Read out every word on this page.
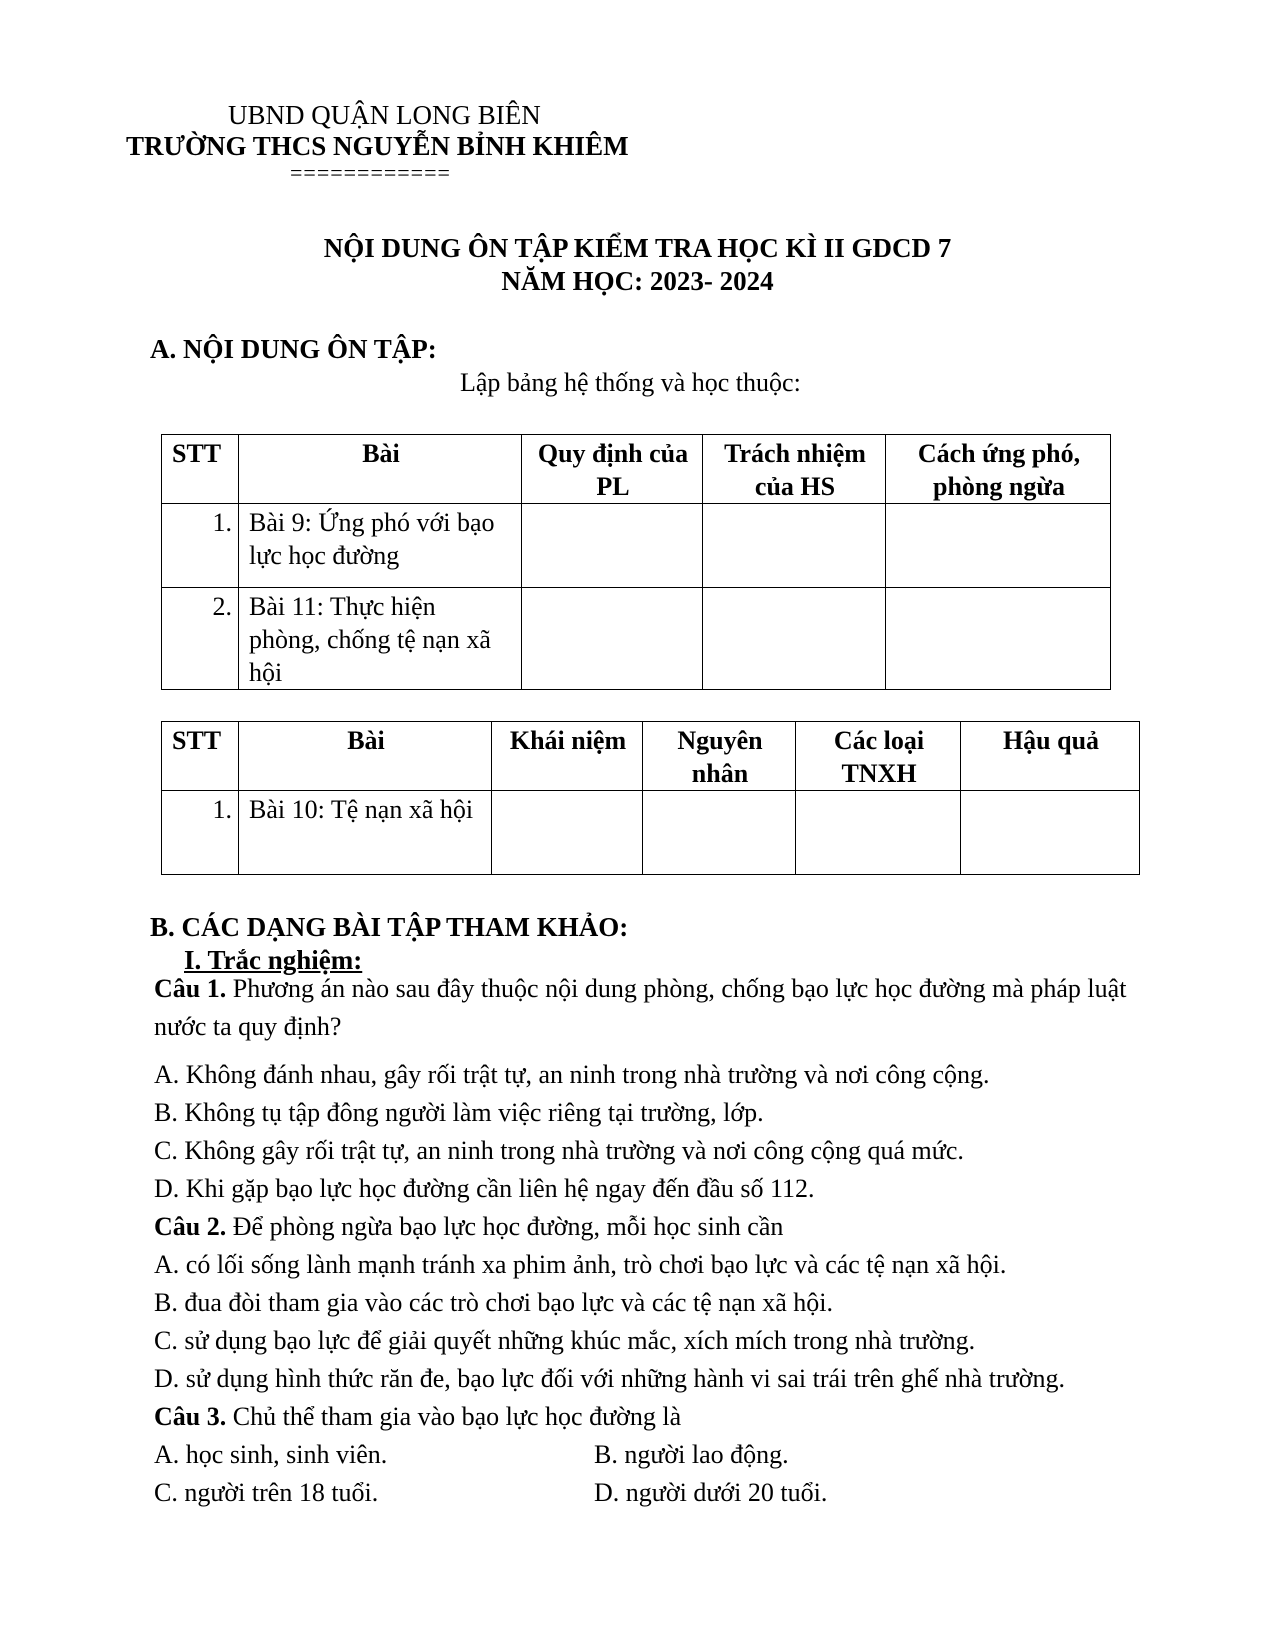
UBND QUẬN LONG BIÊN
TRƯỜNG THCS NGUYỄN BỈNH KHIÊM
============
NỘI DUNG ÔN TẬP KIỂM TRA HỌC KÌ II GDCD 7
NĂM HỌC: 2023- 2024
A. NỘI DUNG ÔN TẬP:
Lập bảng hệ thống và học thuộc:
STT	Bài	Quy định của PL	Trách nhiệm của HS	Cách ứng phó, phòng ngừa
1.	Bài 9: Ứng phó với bạo lực học đường			
2.	Bài 11: Thực hiện phòng, chống tệ nạn xã hội			
STT	Bài	Khái niệm	Nguyên nhân	Các loại TNXH	Hậu quả
1.	Bài 10: Tệ nạn xã hội				
B. CÁC DẠNG BÀI TẬP THAM KHẢO:
I. Trắc nghiệm:
Câu 1. Phương án nào sau đây thuộc nội dung phòng, chống bạo lực học đường mà pháp luật nước ta quy định?
A. Không đánh nhau, gây rối trật tự, an ninh trong nhà trường và nơi công cộng.
B. Không tụ tập đông người làm việc riêng tại trường, lớp.
C. Không gây rối trật tự, an ninh trong nhà trường và nơi công cộng quá mức.
D. Khi gặp bạo lực học đường cần liên hệ ngay đến đầu số 112.
Câu 2. Để phòng ngừa bạo lực học đường, mỗi học sinh cần
A. có lối sống lành mạnh tránh xa phim ảnh, trò chơi bạo lực và các tệ nạn xã hội.
B. đua đòi tham gia vào các trò chơi bạo lực và các tệ nạn xã hội.
C. sử dụng bạo lực để giải quyết những khúc mắc, xích mích trong nhà trường.
D. sử dụng hình thức răn đe, bạo lực đối với những hành vi sai trái trên ghế nhà trường.
Câu 3. Chủ thể tham gia vào bạo lực học đường là
A. học sinh, sinh viên.	B. người lao động.
C. người trên 18 tuổi.	D. người dưới 20 tuổi.
